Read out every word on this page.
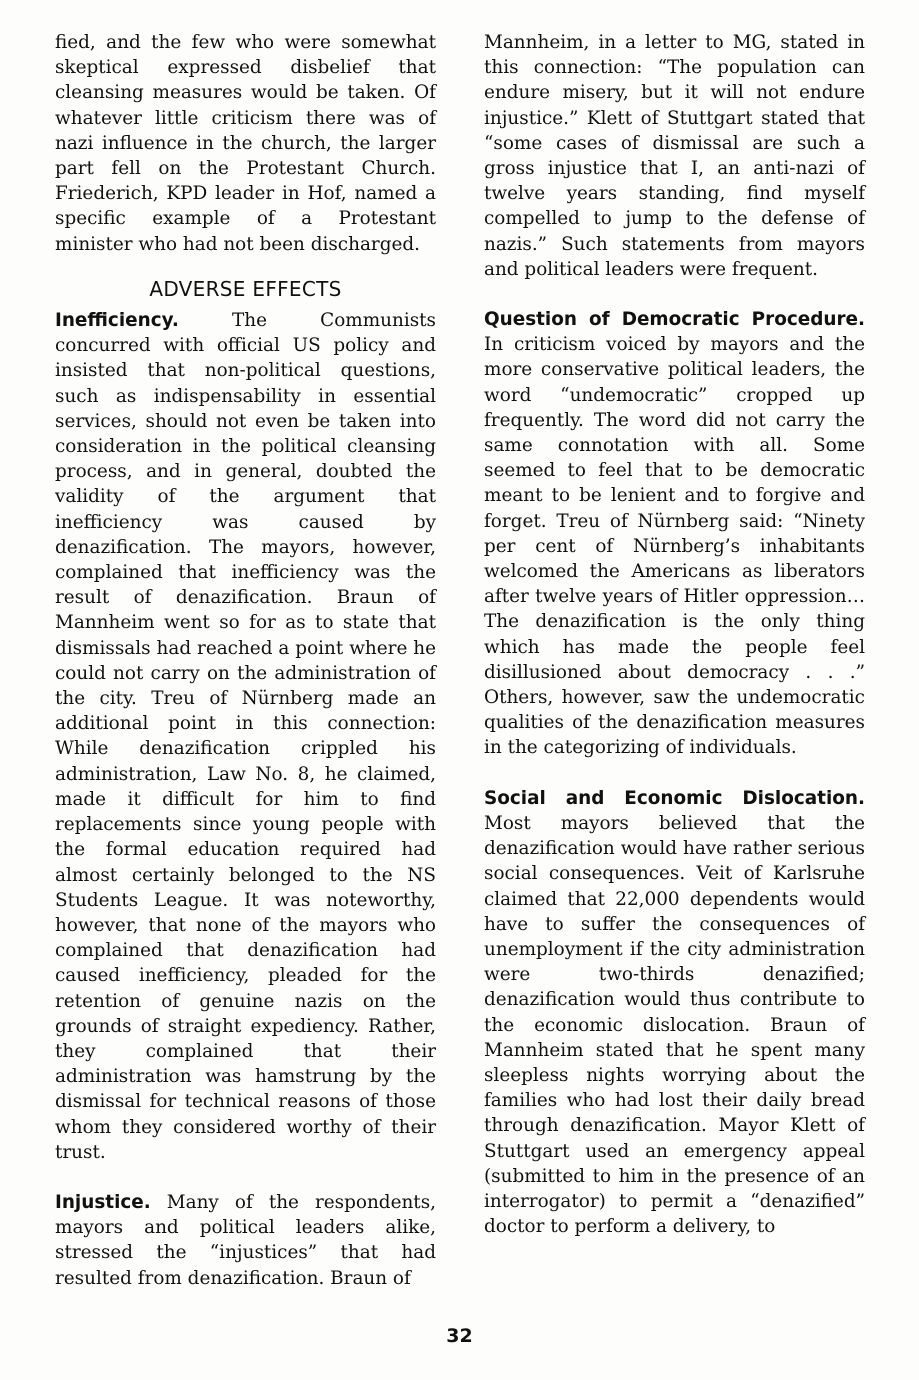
fied, and the few who were somewhat skeptical expressed disbelief that cleansing measures would be taken. Of whatever little criticism there was of nazi influence in the church, the larger part fell on the Protestant Church. Friederich, KPD leader in Hof, named a specific example of a Protestant minister who had not been discharged.

ADVERSE EFFECTS

Inefficiency.	The Communists concurred with official US policy and insisted that non-political questions, such as indispensability in essential services, should not even be taken into consideration in the political cleansing process, and in general, doubted the validity of the argument that inefficiency was caused by denazification. The mayors, however, complained that inefficiency was the result of denazification. Braun of Mannheim went so for as to state that dismissals had reached a point where he could not carry on the administration of the city. Treu of Nürnberg made an additional point in this connection: While denazification crippled his administration, Law No. 8, he claimed, made it difficult for him to find replacements since young people with the formal education required had almost certainly belonged to the NS Students League. It was noteworthy, however, that none of the mayors who complained that denazification had caused inefficiency, pleaded for the retention of genuine nazis on the grounds of straight expediency. Rather, they complained that their administration was hamstrung by the dismissal for technical reasons of those whom they considered worthy of their trust.

Injustice. Many of the respondents, mayors and political leaders alike, stressed the “injustices” that had resulted from denazification. Braun of

Mannheim, in a letter to MG, stated in this connection: “The population can endure misery, but it will not endure injustice.” Klett of Stuttgart stated that “some cases of dismissal are such a gross injustice that I, an anti-nazi of twelve years standing, find myself compelled to jump to the defense of nazis.” Such statements from mayors and political leaders were frequent.

Question of Democratic Procedure. In criticism voiced by mayors and the more conservative political leaders, the word “undemocratic” cropped up frequently. The word did not carry the same connotation with all. Some seemed to feel that to be democratic meant to be lenient and to forgive and forget. Treu of Nürnberg said: “Ninety per cent of Nürnberg’s inhabitants welcomed the Americans as liberators after twelve years of Hitler oppression… The denazification is the only thing which has made the people feel disillusioned about democracy . . .” Others, however, saw the undemocratic qualities of the denazification measures in the categorizing of individuals.

Social and Economic Dislocation. Most mayors believed that the denazification would have rather serious social consequences. Veit of Karlsruhe claimed that 22,000 dependents would have to suffer the consequences of unemployment if the city administration were two-thirds denazified; denazification would thus contribute to the economic dislocation. Braun of Mannheim stated that he spent many sleepless nights worrying about the families who had lost their daily bread through denazification. Mayor Klett of Stuttgart used an emergency appeal (submitted to him in the presence of an interrogator) to permit a “denazified” doctor to perform a delivery, to

32
